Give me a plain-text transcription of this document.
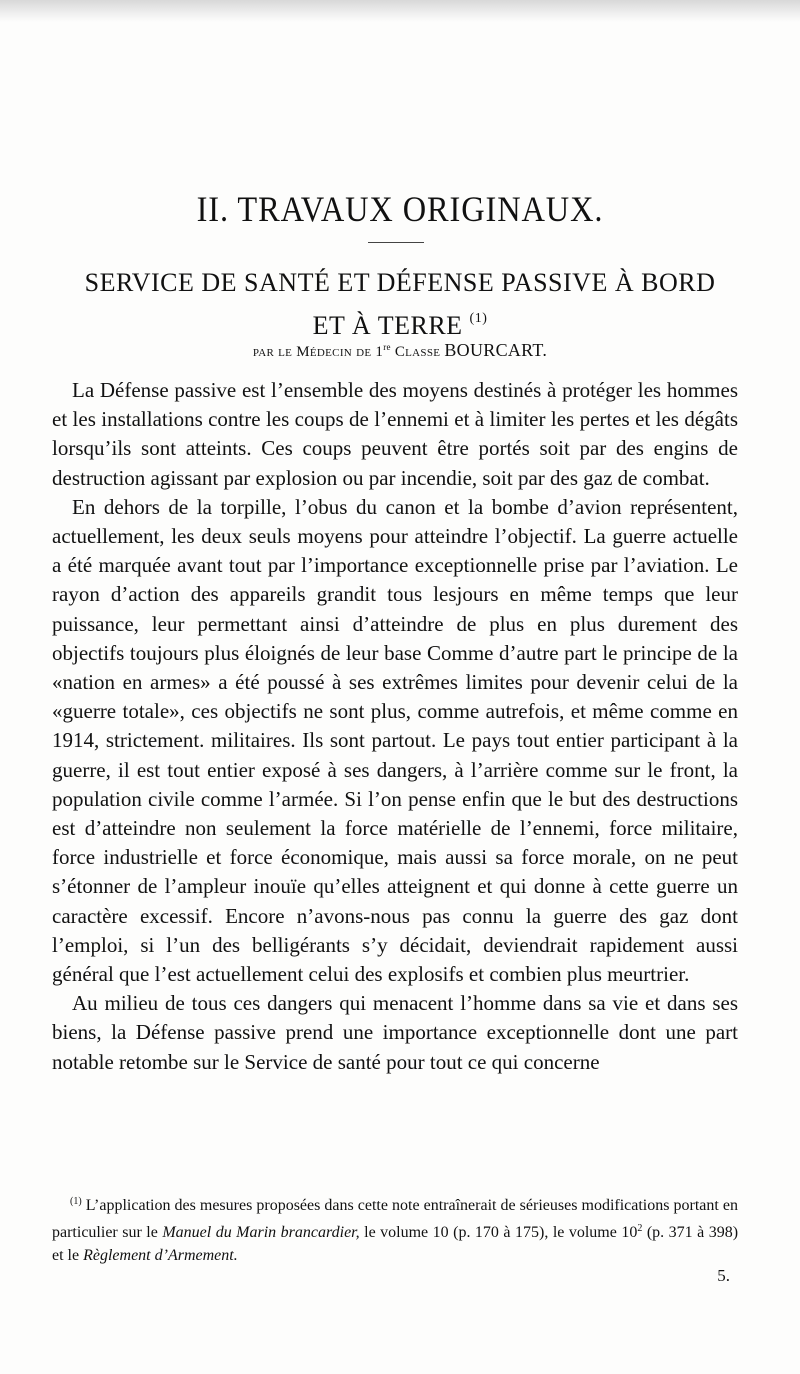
II. TRAVAUX ORIGINAUX.
SERVICE DE SANTÉ ET DÉFENSE PASSIVE À BORD
ET À TERRE $^{(1)}$
par le Médecin de 1re Classe BOURCART.

La Défense passive est l’ensemble des moyens destinés à protéger les hommes et les installations contre les coups de l’ennemi et à limiter les pertes et les dégâts lorsqu’ils sont atteints. Ces coups peuvent être portés soit par des engins de destruction agissant par explosion ou par incendie, soit par des gaz de combat.

En dehors de la torpille, l’obus du canon et la bombe d’avion représentent, actuellement, les deux seuls moyens pour atteindre l’objectif. La guerre actuelle a été marquée avant tout par l’importance exceptionnelle prise par l’aviation. Le rayon d’action des appareils grandit tous lesjours en même temps que leur puissance, leur permettant ainsi d’atteindre de plus en plus durement des objectifs toujours plus éloignés de leur base Comme d’autre part le principe de la «nation en armes» a été poussé à ses extrêmes limites pour devenir celui de la «guerre totale», ces objectifs ne sont plus, comme autrefois, et même comme en 1914, strictement. militaires. Ils sont partout. Le pays tout entier participant à la guerre, il est tout entier exposé à ses dangers, à l’arrière comme sur le front, la population civile comme l’armée. Si l’on pense enfin que le but des destructions est d’atteindre non seulement la force matérielle de l’ennemi, force militaire, force industrielle et force économique, mais aussi sa force morale, on ne peut s’étonner de l’ampleur inouïe qu’elles atteignent et qui donne à cette guerre un caractère excessif. Encore n’avons-nous pas connu la guerre des gaz dont l’emploi, si l’un des belligérants s’y décidait, deviendrait rapidement aussi général que l’est actuellement celui des explosifs et combien plus meurtrier.

Au milieu de tous ces dangers qui menacent l’homme dans sa vie et dans ses biens, la Défense passive prend une importance exceptionnelle dont une part notable retombe sur le Service de santé pour tout ce qui concerne

$^{(1)}$ L’application des mesures proposées dans cette note entraînerait de sérieuses modifications portant en particulier sur le Manuel du Marin brancardier, le volume 10 (p. 170 à 175), le volume $10^2$ (p. 371 à 398) et le Règlement d’Armement.

5.
